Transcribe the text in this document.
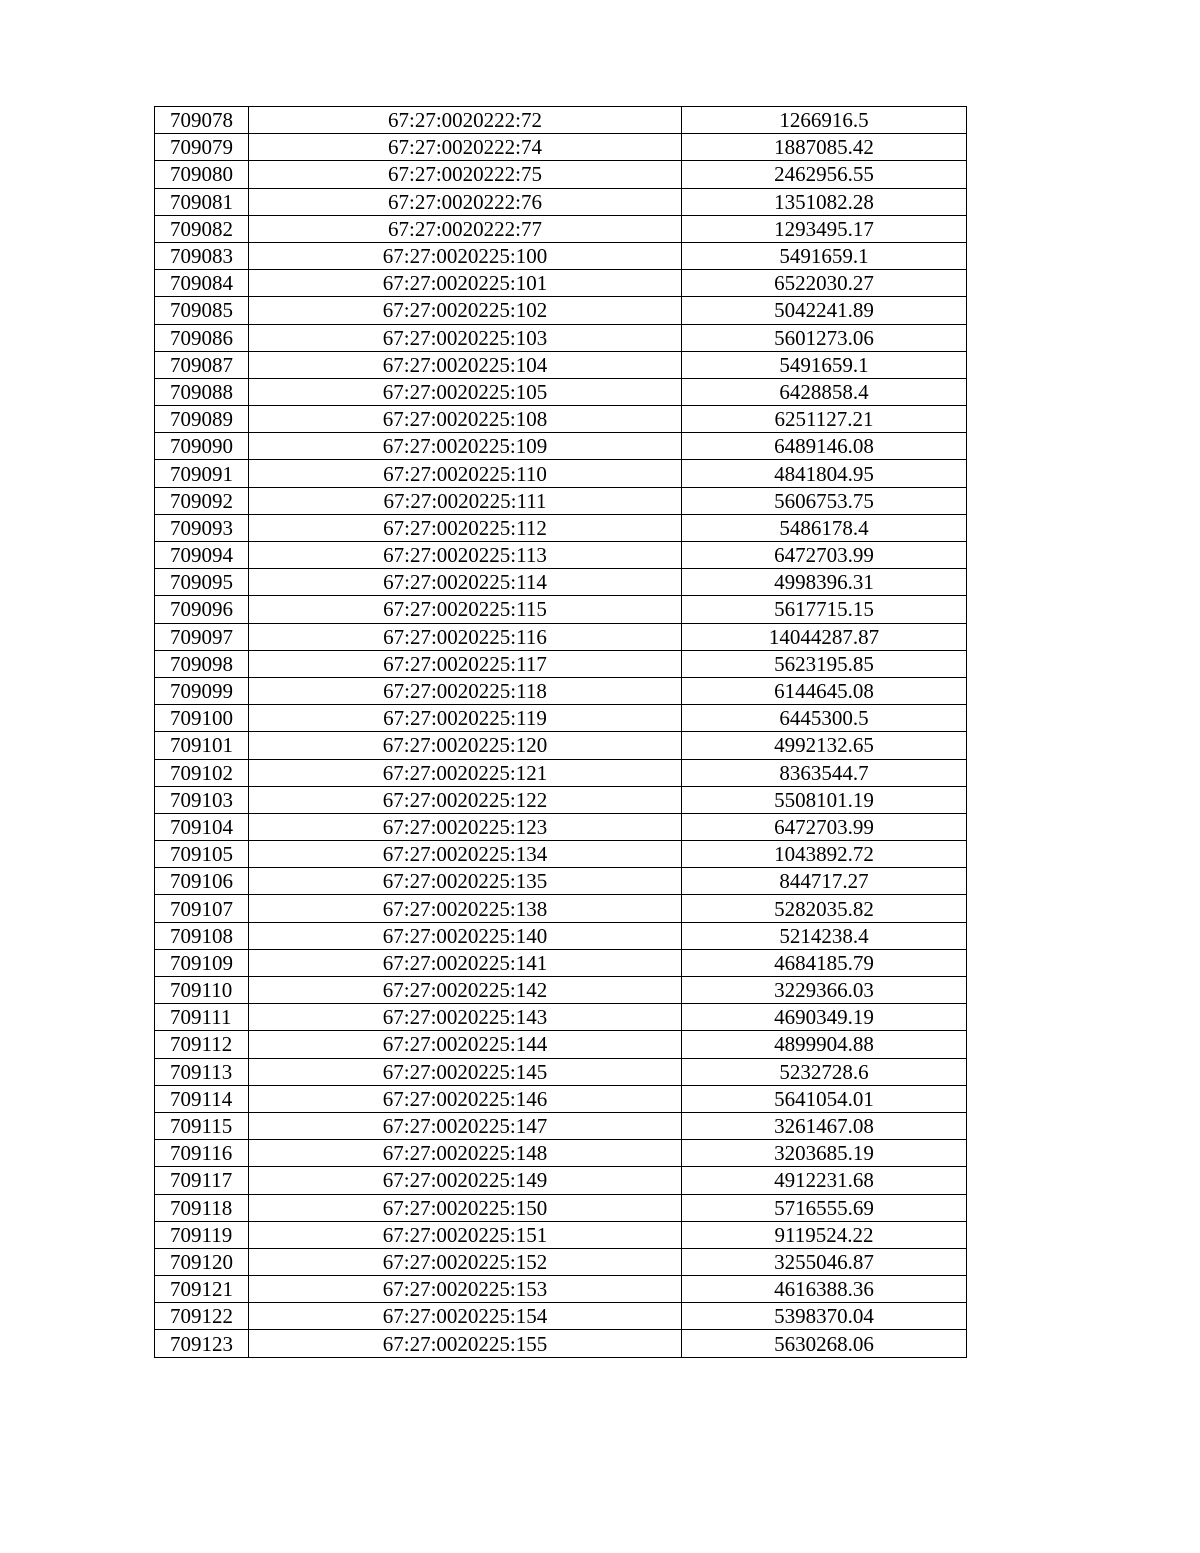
709078	67:27:0020222:72	1266916.5
709079	67:27:0020222:74	1887085.42
709080	67:27:0020222:75	2462956.55
709081	67:27:0020222:76	1351082.28
709082	67:27:0020222:77	1293495.17
709083	67:27:0020225:100	5491659.1
709084	67:27:0020225:101	6522030.27
709085	67:27:0020225:102	5042241.89
709086	67:27:0020225:103	5601273.06
709087	67:27:0020225:104	5491659.1
709088	67:27:0020225:105	6428858.4
709089	67:27:0020225:108	6251127.21
709090	67:27:0020225:109	6489146.08
709091	67:27:0020225:110	4841804.95
709092	67:27:0020225:111	5606753.75
709093	67:27:0020225:112	5486178.4
709094	67:27:0020225:113	6472703.99
709095	67:27:0020225:114	4998396.31
709096	67:27:0020225:115	5617715.15
709097	67:27:0020225:116	14044287.87
709098	67:27:0020225:117	5623195.85
709099	67:27:0020225:118	6144645.08
709100	67:27:0020225:119	6445300.5
709101	67:27:0020225:120	4992132.65
709102	67:27:0020225:121	8363544.7
709103	67:27:0020225:122	5508101.19
709104	67:27:0020225:123	6472703.99
709105	67:27:0020225:134	1043892.72
709106	67:27:0020225:135	844717.27
709107	67:27:0020225:138	5282035.82
709108	67:27:0020225:140	5214238.4
709109	67:27:0020225:141	4684185.79
709110	67:27:0020225:142	3229366.03
709111	67:27:0020225:143	4690349.19
709112	67:27:0020225:144	4899904.88
709113	67:27:0020225:145	5232728.6
709114	67:27:0020225:146	5641054.01
709115	67:27:0020225:147	3261467.08
709116	67:27:0020225:148	3203685.19
709117	67:27:0020225:149	4912231.68
709118	67:27:0020225:150	5716555.69
709119	67:27:0020225:151	9119524.22
709120	67:27:0020225:152	3255046.87
709121	67:27:0020225:153	4616388.36
709122	67:27:0020225:154	5398370.04
709123	67:27:0020225:155	5630268.06
